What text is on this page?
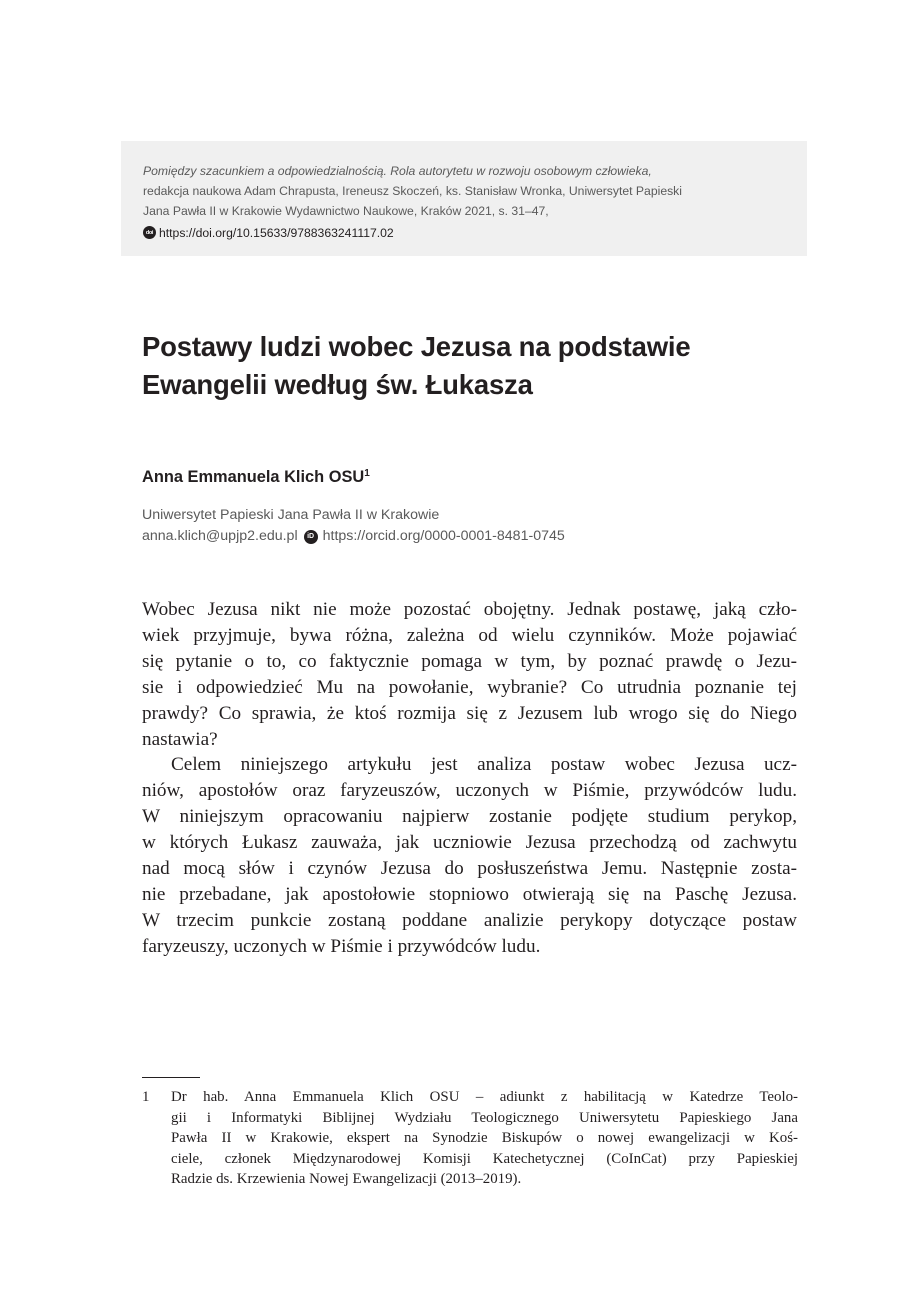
Pomiędzy szacunkiem a odpowiedzialnością. Rola autorytetu w rozwoju osobowym człowieka,
redakcja naukowa Adam Chrapusta, Ireneusz Skoczeń, ks. Stanisław Wronka, Uniwersytet Papieski
Jana Pawła II w Krakowie Wydawnictwo Naukowe, Kraków 2021, s. 31–47,
doi https://doi.org/10.15633/9788363241117.02
Postawy ludzi wobec Jezusa na podstawie
Ewangelii według św. Łukasza
Anna Emmanuela Klich OSU$^1$
Uniwersytet Papieski Jana Pawła II w Krakowie
anna.klich@upjp2.edu.pl	iD https://orcid.org/0000-0001-8481-0745
Wobec Jezusa nikt nie może pozostać obojętny. Jednak postawę, jaką czło-
wiek przyjmuje, bywa różna, zależna od wielu czynników. Może pojawiać
się pytanie o to, co faktycznie pomaga w tym, by poznać prawdę o Jezu-
sie i odpowiedzieć Mu na powołanie, wybranie? Co utrudnia poznanie tej
prawdy? Co sprawia, że ktoś rozmija się z Jezusem lub wrogo się do Niego
nastawia?
Celem niniejszego artykułu jest analiza postaw wobec Jezusa ucz-
niów, apostołów oraz faryzeuszów, uczonych w Piśmie, przywódców ludu.
W niniejszym opracowaniu najpierw zostanie podjęte studium perykop,
w których Łukasz zauważa, jak uczniowie Jezusa przechodzą od zachwytu
nad mocą słów i czynów Jezusa do posłuszeństwa Jemu. Następnie zosta-
nie przebadane, jak apostołowie stopniowo otwierają się na Paschę Jezusa.
W trzecim punkcie zostaną poddane analizie perykopy dotyczące postaw
faryzeuszy, uczonych w Piśmie i przywódców ludu.
1 Dr hab. Anna Emmanuela Klich OSU – adiunkt z habilitacją w Katedrze Teolo-
gii i Informatyki Biblijnej Wydziału Teologicznego Uniwersytetu Papieskiego Jana
Pawła II w Krakowie, ekspert na Synodzie Biskupów o nowej ewangelizacji w Koś-
ciele, członek Międzynarodowej Komisji Katechetycznej (CoInCat) przy Papieskiej
Radzie ds. Krzewienia Nowej Ewangelizacji (2013–2019).
